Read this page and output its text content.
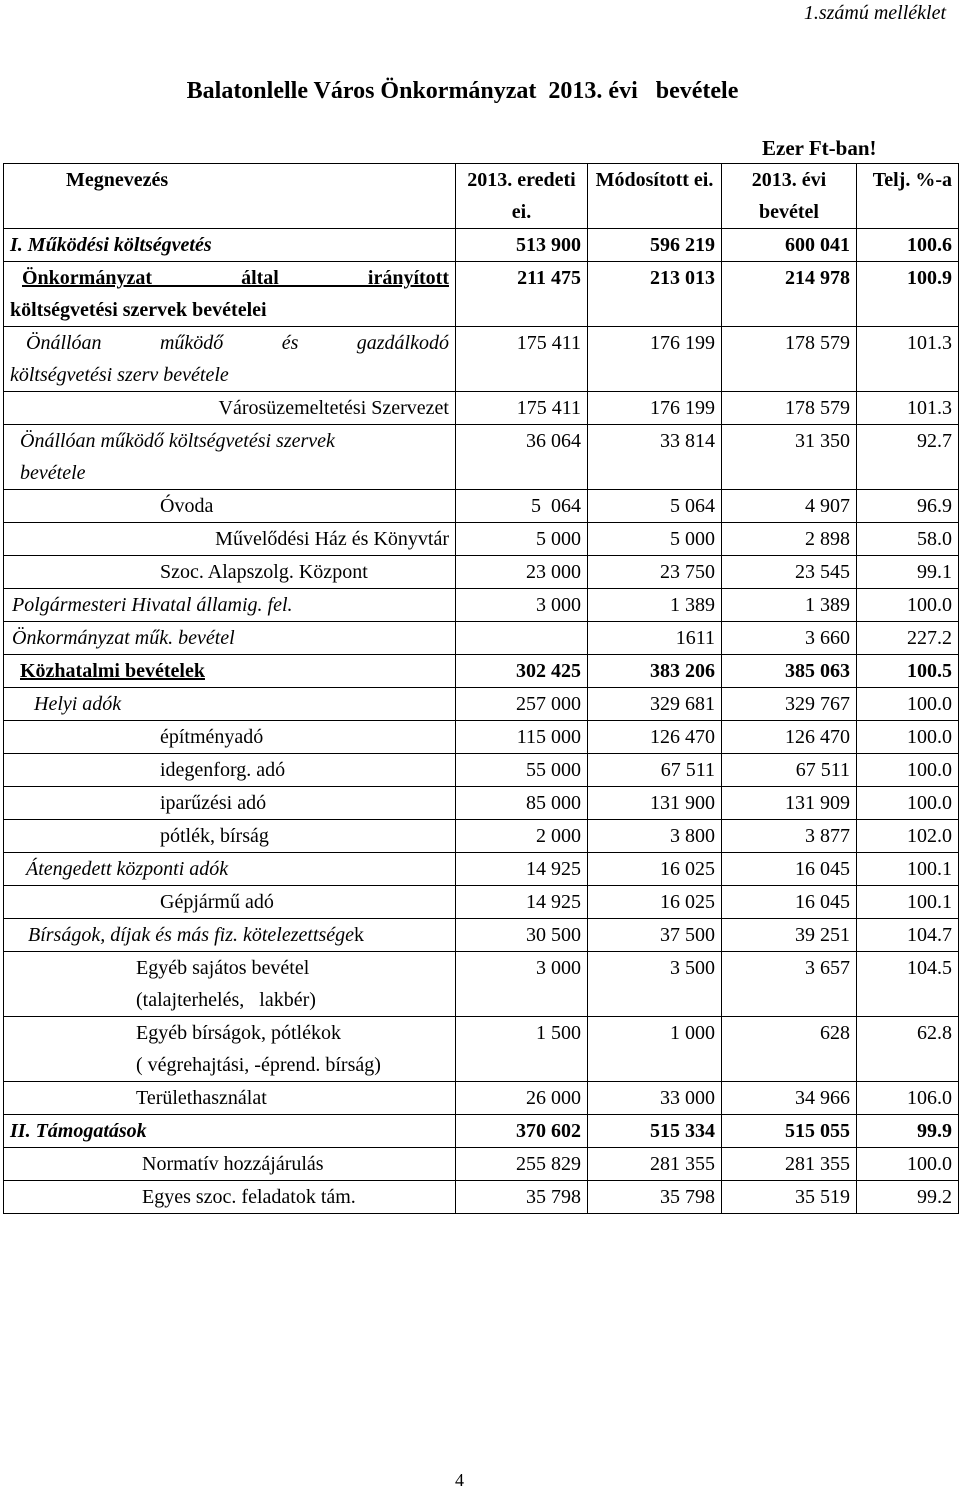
1.számú melléklet
Balatonlelle Város Önkormányzat  2013. évi   bevétele
Ezer Ft-ban!
Megnevezés	2013. eredeti ei.	Módosított ei.	2013. évi bevétel	Telj. %-a
I. Működési költségvetés	513 900	596 219	600 041	100.6

Önkormányzat által irányított
költségvetési szervek bevételei	211 475	213 013	214 978	100.9

Önállóan működő és gazdálkodó
költségvetési szerv bevétele	175 411	176 199	178 579	101.3
Városüzemeltetési Szervezet	175 411	176 199	178 579	101.3

Önállóan működő költségvetési szervek
bevétele	36 064	33 814	31 350	92.7
Óvoda	5  064	5 064	4 907	96.9
Művelődési Ház és Könyvtár	5 000	5 000	2 898	58.0
Szoc. Alapszolg. Központ	23 000	23 750	23 545	99.1
Polgármesteri Hivatal államig. fel.	3 000	1 389	1 389	100.0
Önkormányzat műk. bevétel		1611	3 660	227.2
Közhatalmi bevételek	302 425	383 206	385 063	100.5
Helyi adók	257 000	329 681	329 767	100.0
építményadó	115 000	126 470	126 470	100.0
idegenforg. adó	55 000	67 511	67 511	100.0
iparűzési adó	85 000	131 900	131 909	100.0
pótlék, bírság	2 000	3 800	3 877	102.0
Átengedett központi adók	14 925	16 025	16 045	100.1
Gépjármű adó	14 925	16 025	16 045	100.1
Bírságok, díjak és más fiz. kötelezettségek	30 500	37 500	39 251	104.7

Egyéb sajátos bevétel
(talajterhelés,   lakbér)	3 000	3 500	3 657	104.5

Egyéb bírságok, pótlékok
( végrehajtási, -éprend. bírság)	1 500	1 000	628	62.8
Területhasználat	26 000	33 000	34 966	106.0
II. Támogatások	370 602	515 334	515 055	99.9
Normatív hozzájárulás	255 829	281 355	281 355	100.0
Egyes szoc. feladatok tám.	35 798	35 798	35 519	99.2
4
